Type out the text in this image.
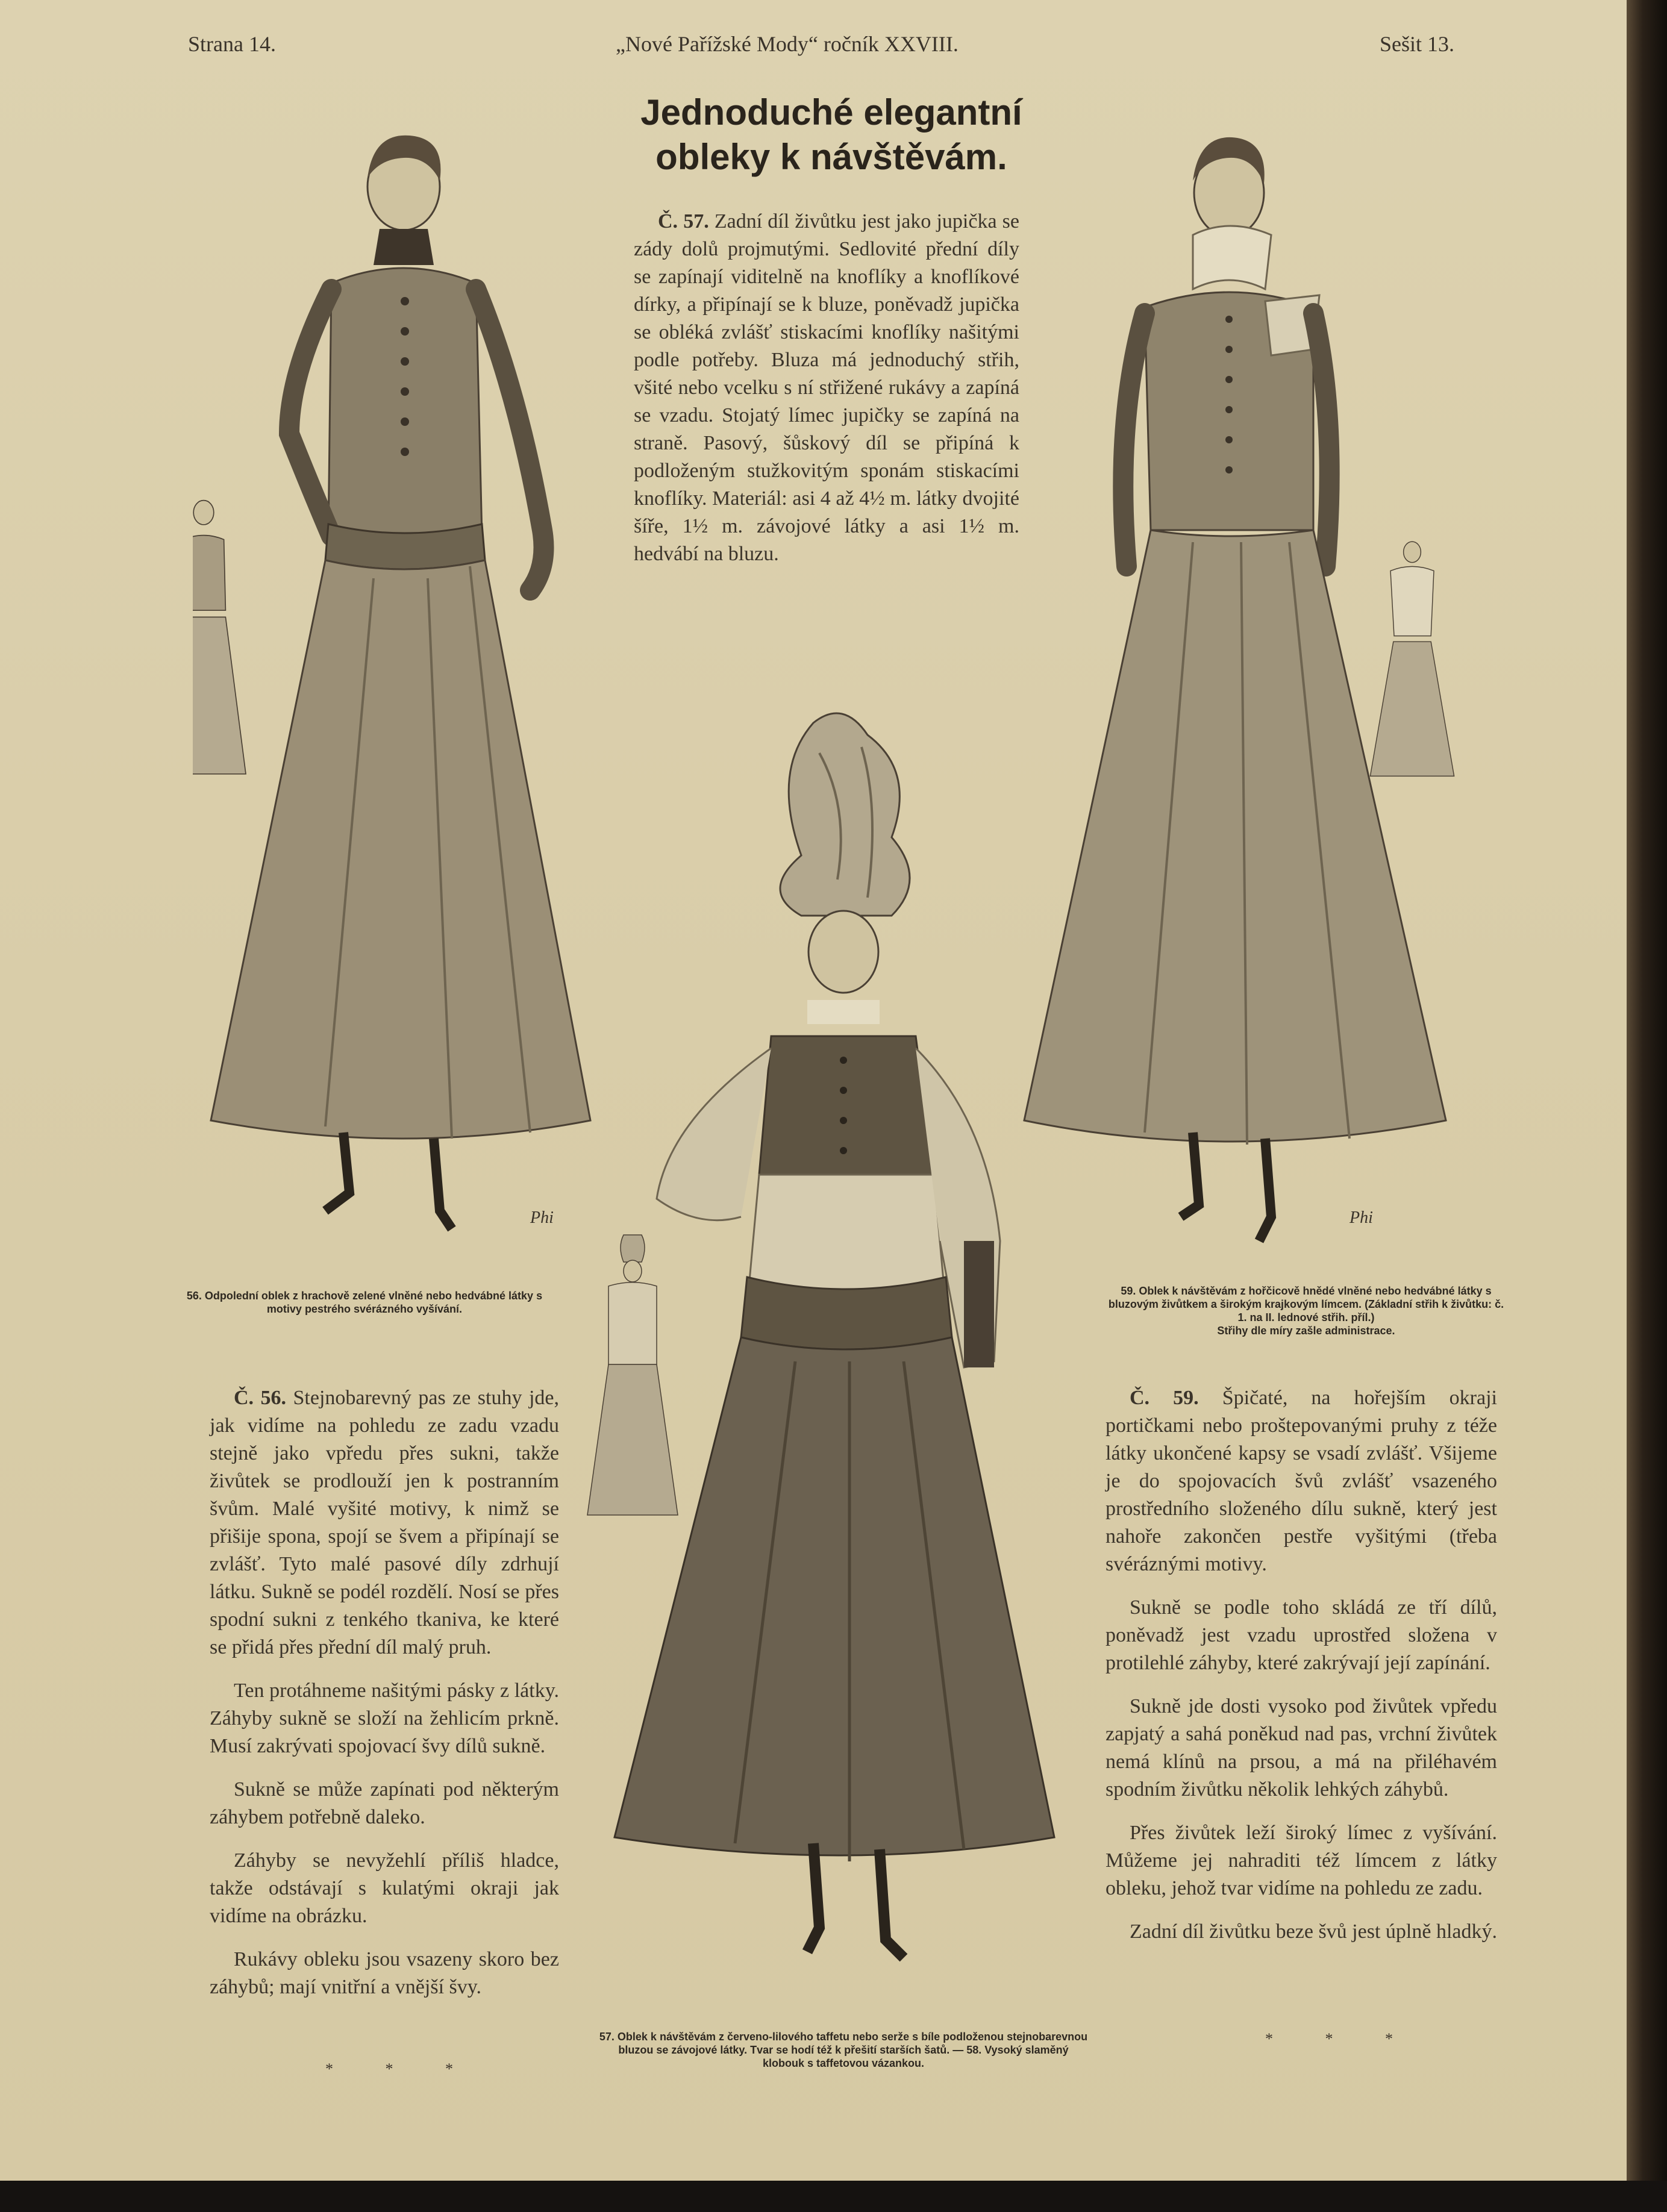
Strana 14.	„Nové Pařížské Mody“ ročník XXVIII.	Sešit 13.
Jednoduché elegantní
obleky k návštěvám.

Č. 57. Zadní díl živůtku jest jako jupička se zády dolů projmutými. Sedlovité přední díly se zapínají viditelně na knoflíky a knoflíkové dírky, a připínají se k bluze, poněvadž jupička se obléká zvlášť stiskacími knoflíky našitými podle potřeby. Bluza má jednoduchý střih, všité nebo vcelku s ní střižené rukávy a zapíná se vzadu. Stojatý límec jupičky se zapíná na straně. Pasový, šůskový díl se připíná k podloženým stužkovitým sponám stiskacími knoflíky. Materiál: asi 4 až 4½ m. látky dvojité šíře, 1½ m. závojové látky a asi 1½ m. hedvábí na bluzu.

Phi	Phi
56. Odpolední oblek z hrachově zelené vlněné nebo hedvábné látky s motivy pestrého svérázného vyšívání.
59. Oblek k návštěvám z hořčicově hnědé vlněné nebo hedvábné látky s bluzovým živůtkem a širokým krajkovým límcem. (Základní střih k živůtku: č. 1. na II. lednové střih. příl.)
Střihy dle míry zašle administrace.
57. Oblek k návštěvám z červeno-lilového taffetu nebo serže s bíle podloženou stejnobarevnou bluzou se závojové látky. Tvar se hodí též k přešití starších šatů. — 58. Vysoký slaměný klobouk s taffetovou vázankou.

Č. 56. Stejnobarevný pas ze stuhy jde, jak vidíme na pohledu ze zadu vzadu stejně jako vpředu přes sukni, takže živůtek se prodlouží jen k postranním švům. Malé vyšité motivy, k nimž se přišije spona, spojí se švem a připínají se zvlášť. Tyto malé pasové díly zdrhují látku. Sukně se podél rozdělí. Nosí se přes spodní sukni z tenkého tkaniva, ke které se přidá přes přední díl malý pruh.

Ten protáhneme našitými pásky z látky. Záhyby sukně se složí na žehlicím prkně. Musí zakrývati spojovací švy dílů sukně.

Sukně se může zapínati pod některým záhybem potřebně daleko.

Záhyby se nevyžehlí příliš hladce, takže odstávají s kulatými okraji jak vidíme na obrázku.

Rukávy obleku jsou vsazeny skoro bez záhybů; mají vnitřní a vnější švy.

* * *

Č. 59. Špičaté, na hořejším okraji portičkami nebo proštepovanými pruhy z téže látky ukončené kapsy se vsadí zvlášť. Všijeme je do spojovacích švů zvlášť vsazeného prostředního složeného dílu sukně, který jest nahoře zakončen pestře vyšitými (třeba svéráznými motivy.

Sukně se podle toho skládá ze tří dílů, poněvadž jest vzadu uprostřed složena v protilehlé záhyby, které zakrývají její zapínání.

Sukně jde dosti vysoko pod živůtek vpředu zapjatý a sahá poněkud nad pas, vrchní živůtek nemá klínů na prsou, a má na přiléhavém spodním živůtku několik lehkých záhybů.

Přes živůtek leží široký límec z vyšívání. Můžeme jej nahraditi též límcem z látky obleku, jehož tvar vidíme na pohledu ze zadu.

Zadní díl živůtku beze švů jest úplně hladký.

* * *
